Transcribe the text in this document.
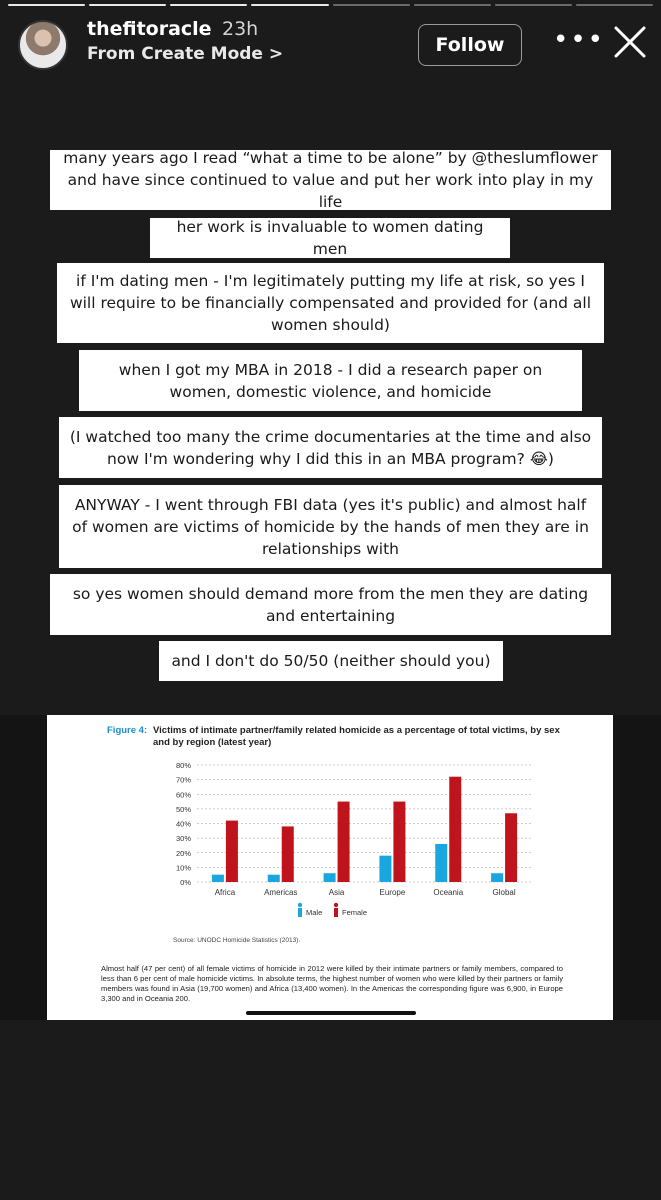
thefitoracle 23h
From Create Mode >	Follow	•••
many years ago I read “what a time to be alone” by @theslumflower and have since continued to value and put her work into play in my life
her work is invaluable to women dating men
if I'm dating men - I'm legitimately putting my life at risk, so yes I will require to be financially compensated and provided for (and all women should)
when I got my MBA in 2018 - I did a research paper on women, domestic violence, and homicide
(I watched too many the crime documentaries at the time and also now I'm wondering why I did this in an MBA program? 😂)
ANYWAY - I went through FBI data (yes it's public) and almost half of women are victims of homicide by the hands of men they are in relationships with
so yes women should demand more from the men they are dating and entertaining
and I don't do 50/50 (neither should you)
Figure 4: Victims of intimate partner/family related homicide as a percentage of total victims, by sex and by region (latest year)
0%
10%
20%
30%
40%
50%
60%
70%
80%
Africa	Americas	Asia	Europe	Oceania	Global
Male	Female
Source: UNODC Homicide Statistics (2013).
Almost half (47 per cent) of all female victims of homicide in 2012 were killed by their intimate partners or family members, compared to less than 6 per cent of male homicide victims. In absolute terms, the highest number of women who were killed by their partners or family members was found in Asia (19,700 women) and Africa (13,400 women). In the Americas the corresponding figure was 6,900, in Europe 3,300 and in Oceania 200.
